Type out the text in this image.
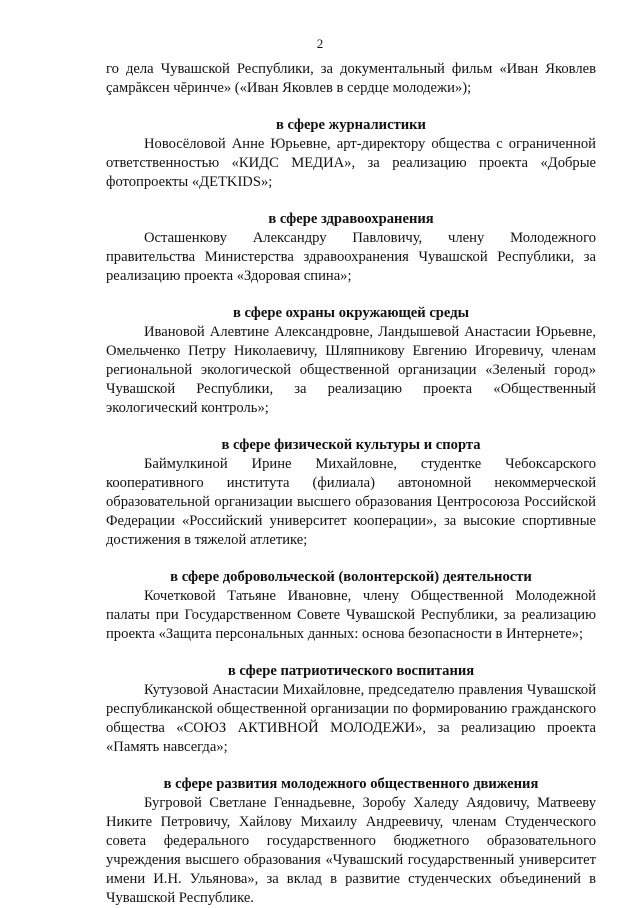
2

го дела Чувашской Республики, за документальный фильм «Иван Яковлев çамрăксен чĕринче» («Иван Яковлев в сердце молодежи»);

в сфере журналистики

Новосёловой Анне Юрьевне, арт-директору общества с ограниченной ответственностью «КИДС МЕДИА», за реализацию проекта «Добрые фотопроекты «ДЕТKIDS»;

в сфере здравоохранения

Осташенкову Александру Павловичу, члену Молодежного правительства Министерства здравоохранения Чувашской Республики, за реализацию проекта «Здоровая спина»;

в сфере охраны окружающей среды

Ивановой Алевтине Александровне, Ландышевой Анастасии Юрьевне, Омельченко Петру Николаевичу, Шляпникову Евгению Игоревичу, членам региональной экологической общественной организации «Зеленый город» Чувашской Республики, за реализацию проекта «Общественный экологический контроль»;

в сфере физической культуры и спорта

Баймулкиной Ирине Михайловне, студентке Чебоксарского кооперативного института (филиала) автономной некоммерческой образовательной организации высшего образования Центросоюза Российской Федерации «Российский университет кооперации», за высокие спортивные достижения в тяжелой атлетике;

в сфере добровольческой (волонтерской) деятельности

Кочетковой Татьяне Ивановне, члену Общественной Молодежной палаты при Государственном Совете Чувашской Республики, за реализацию проекта «Защита персональных данных: основа безопасности в Интернете»;

в сфере патриотического воспитания

Кутузовой Анастасии Михайловне, председателю правления Чувашской республиканской общественной организации по формированию гражданского общества «СОЮЗ АКТИВНОЙ МОЛОДЕЖИ», за реализацию проекта «Память навсегда»;

в сфере развития молодежного общественного движения

Бугровой Светлане Геннадьевне, Зоробу Халеду Аядовичу, Матвееву Никите Петровичу, Хайлову Михаилу Андреевичу, членам Студенческого совета федерального государственного бюджетного образовательного учреждения высшего образования «Чувашский государственный университет имени И.Н. Ульянова», за вклад в развитие студенческих объединений в Чувашской Республике.
